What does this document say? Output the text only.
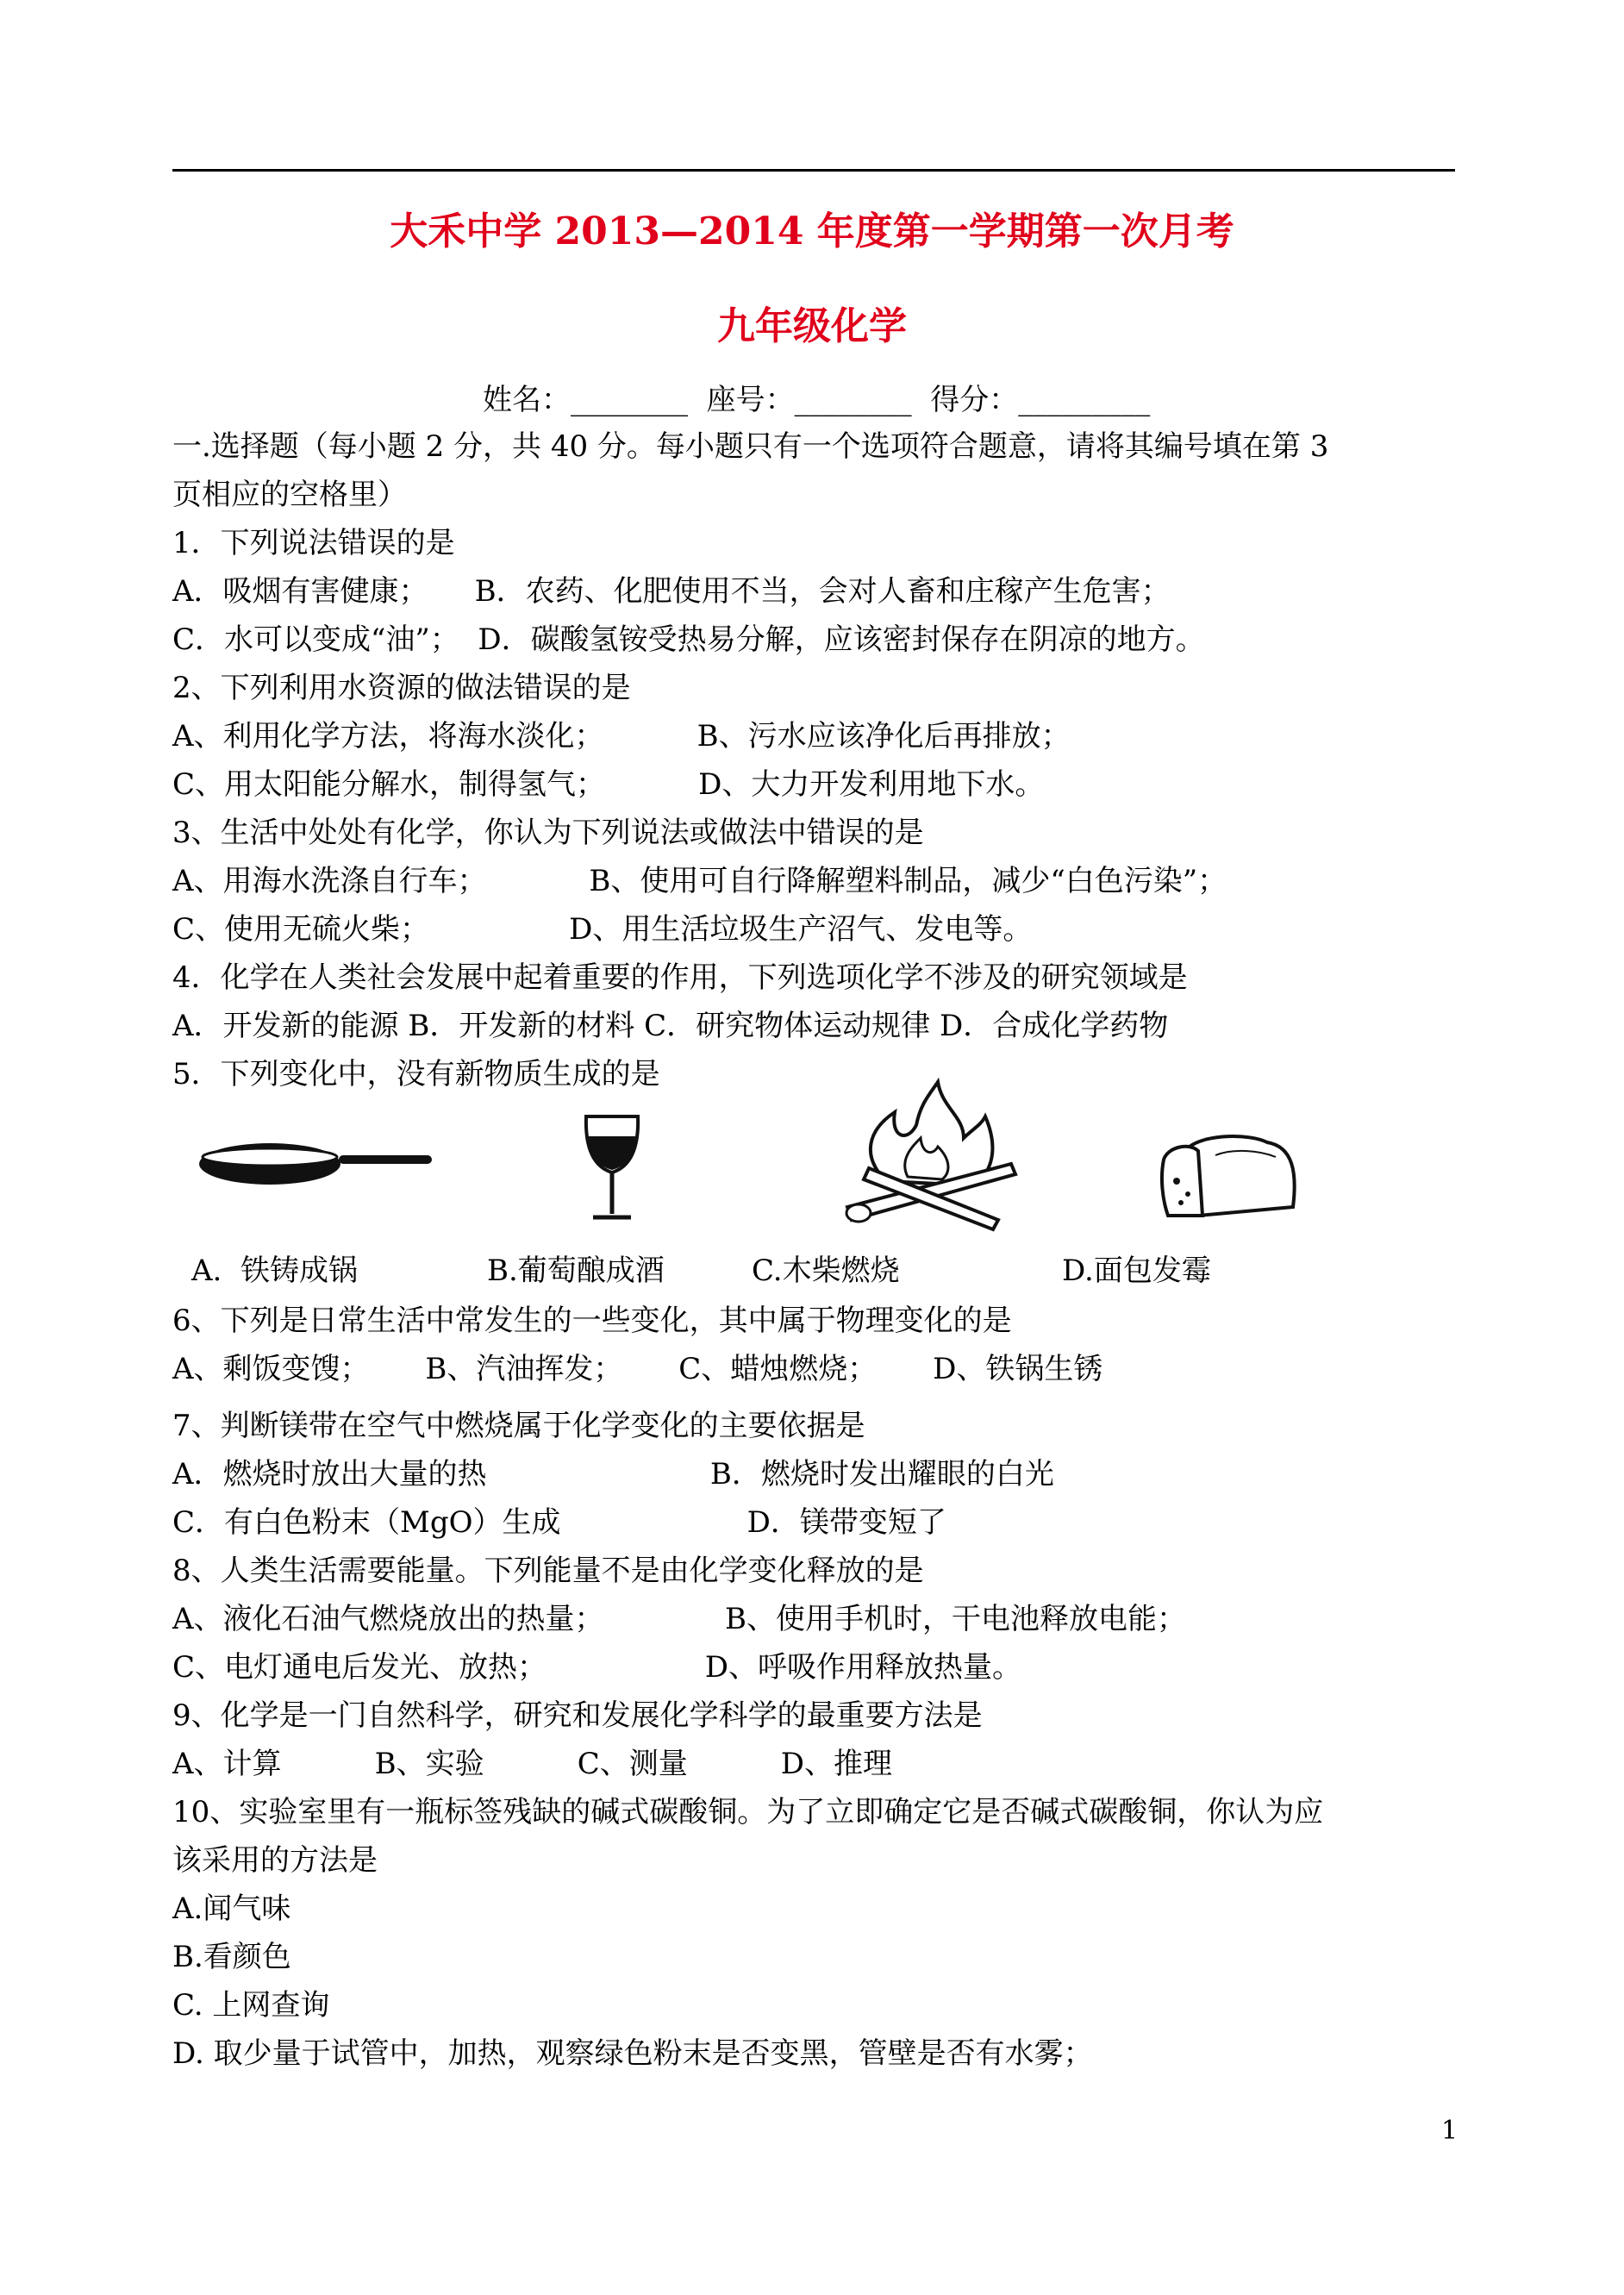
大禾中学 2013—2014 年度第一学期第一次月考
九年级化学
姓名：________  座号：________  得分：_________
一.选择题（每小题 2 分，共 40 分。每小题只有一个选项符合题意，请将其编号填在第 3
页相应的空格里）
1．下列说法错误的是
A．吸烟有害健康；     B．农药、化肥使用不当，会对人畜和庄稼产生危害；
C．水可以变成“油”；  D．碳酸氢铵受热易分解，应该密封保存在阴凉的地方。
2、下列利用水资源的做法错误的是
A、利用化学方法，将海水淡化；          B、污水应该净化后再排放；
C、用太阳能分解水，制得氢气；          D、大力开发利用地下水。
3、生活中处处有化学，你认为下列说法或做法中错误的是
A、用海水洗涤自行车；           B、使用可自行降解塑料制品，减少“白色污染”；
C、使用无硫火柴；               D、用生活垃圾生产沼气、发电等。
4．化学在人类社会发展中起着重要的作用，下列选项化学不涉及的研究领域是
A．开发新的能源 B．开发新的材料 C．研究物体运动规律 D．合成化学药物
5．下列变化中，没有新物质生成的是
A.  铁铸成锅	B.葡萄酿成酒	C.木柴燃烧	D.面包发霉
6、下列是日常生活中常发生的一些变化，其中属于物理变化的是
A、剩饭变馊；      B、汽油挥发；      C、蜡烛燃烧；      D、铁锅生锈
7、判断镁带在空气中燃烧属于化学变化的主要依据是
A．燃烧时放出大量的热                        B．燃烧时发出耀眼的白光
C．有白色粉末（MgO）生成                    D．镁带变短了
8、人类生活需要能量。下列能量不是由化学变化释放的是
A、液化石油气燃烧放出的热量；             B、使用手机时，干电池释放电能；
C、电灯通电后发光、放热；                 D、呼吸作用释放热量。
9、化学是一门自然科学，研究和发展化学科学的最重要方法是
A、计算          B、实验          C、测量          D、推理
10、实验室里有一瓶标签残缺的碱式碳酸铜。为了立即确定它是否碱式碳酸铜，你认为应
该采用的方法是
A.闻气味
B.看颜色
C. 上网查询
D. 取少量于试管中，加热，观察绿色粉末是否变黑，管壁是否有水雾；
1
